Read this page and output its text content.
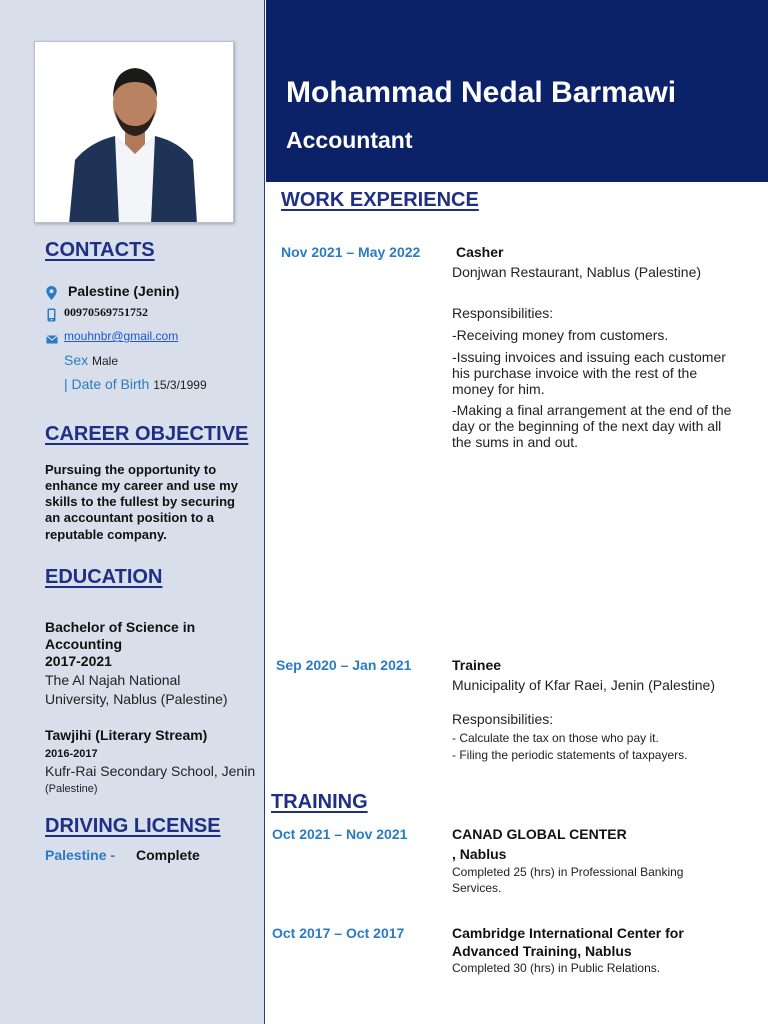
Mohammad Nedal Barmawi
Accountant
CONTACTS
Palestine (Jenin)
00970569751752
mouhnbr@gmail.com
Sex Male
| Date of Birth 15/3/1999
CAREER OBJECTIVE
Pursuing the opportunity to
enhance my career and use my
skills to the fullest by securing
an accountant position to a
reputable company.
EDUCATION
Bachelor of Science in
Accounting
2017-2021
The Al Najah National
University, Nablus (Palestine)
Tawjihi (Literary Stream)
2016-2017
Kufr-Rai Secondary School, Jenin
(Palestine)
DRIVING LICENSE
Palestine - Complete
WORK EXPERIENCE
Nov 2021 – May 2022	Casher
Donjwan Restaurant, Nablus (Palestine)
Responsibilities:
-Receiving money from customers.
-Issuing invoices and issuing each customer
his purchase invoice with the rest of the
money for him.
-Making a final arrangement at the end of the
day or the beginning of the next day with all
the sums in and out.
Sep 2020 – Jan 2021	Trainee
Municipality of Kfar Raei, Jenin (Palestine)
Responsibilities:
- Calculate the tax on those who pay it.
- Filing the periodic statements of taxpayers.
TRAINING
Oct 2021 – Nov 2021	CANAD GLOBAL CENTER
, Nablus
Completed 25 (hrs) in Professional Banking
Services.
Oct 2017 – Oct 2017	Cambridge International Center for
Advanced Training, Nablus
Completed 30 (hrs) in Public Relations.
